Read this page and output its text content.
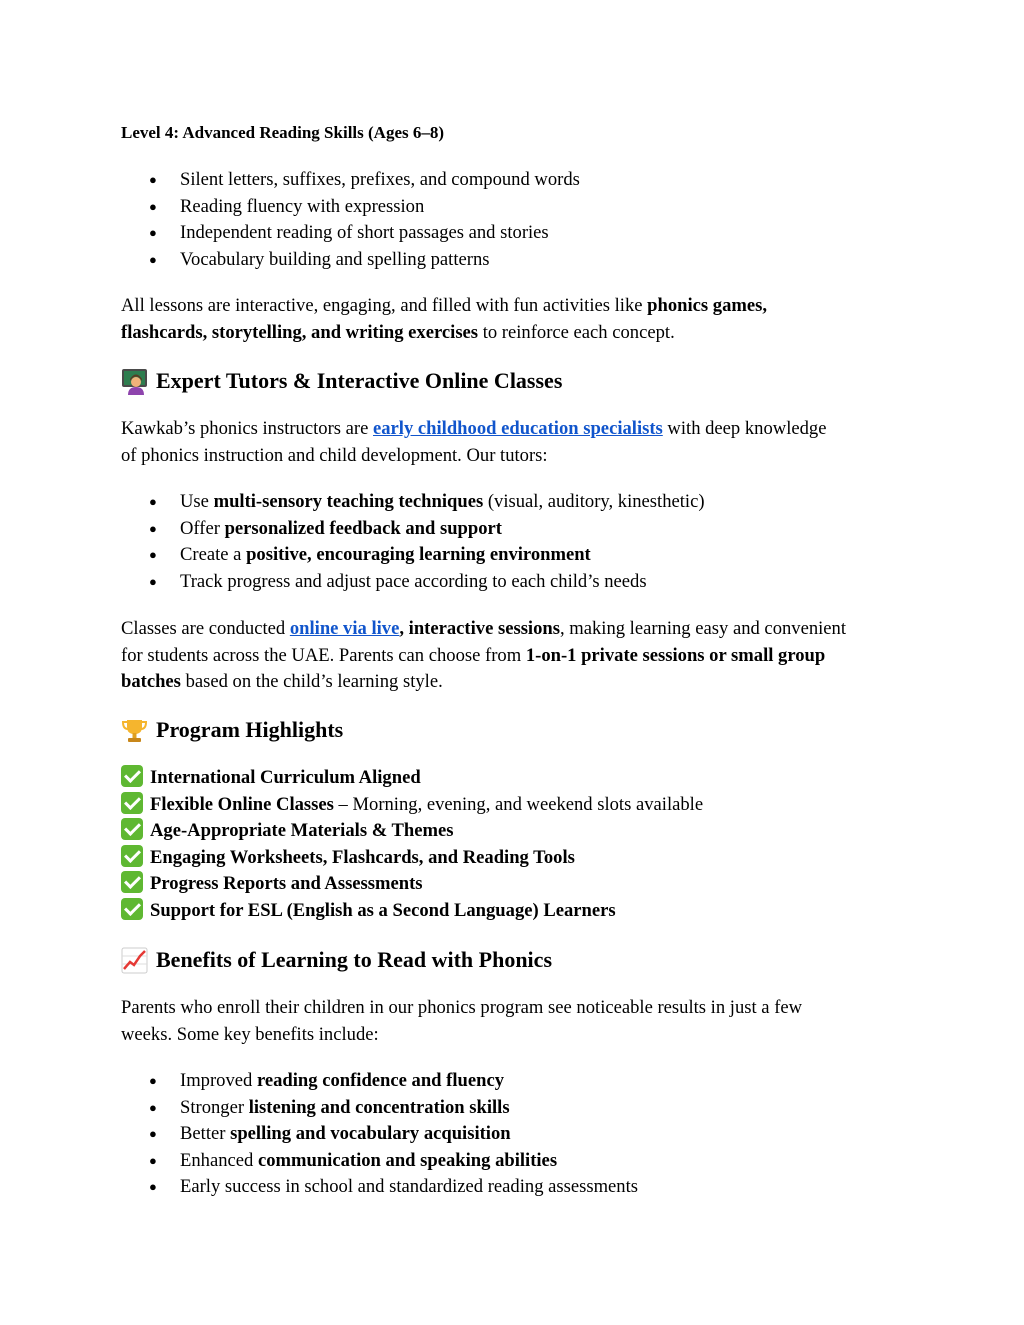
Level 4: Advanced Reading Skills (Ages 6–8)
● Silent letters, suffixes, prefixes, and compound words
● Reading fluency with expression
● Independent reading of short passages and stories
● Vocabulary building and spelling patterns

All lessons are interactive, engaging, and filled with fun activities like phonics games,
flashcards, storytelling, and writing exercises to reinforce each concept.

Expert Tutors & Interactive Online Classes

Kawkab’s phonics instructors are early childhood education specialists with deep knowledge
of phonics instruction and child development. Our tutors:

● Use multi-sensory teaching techniques (visual, auditory, kinesthetic)
● Offer personalized feedback and support
● Create a positive, encouraging learning environment
● Track progress and adjust pace according to each child’s needs

Classes are conducted online via live, interactive sessions, making learning easy and convenient
for students across the UAE. Parents can choose from 1-on-1 private sessions or small group
batches based on the child’s learning style.

Program Highlights
International Curriculum Aligned
Flexible Online Classes – Morning, evening, and weekend slots available
Age-Appropriate Materials & Themes
Engaging Worksheets, Flashcards, and Reading Tools
Progress Reports and Assessments
Support for ESL (English as a Second Language) Learners
Benefits of Learning to Read with Phonics

Parents who enroll their children in our phonics program see noticeable results in just a few
weeks. Some key benefits include:

● Improved reading confidence and fluency
● Stronger listening and concentration skills
● Better spelling and vocabulary acquisition
● Enhanced communication and speaking abilities
● Early success in school and standardized reading assessments
